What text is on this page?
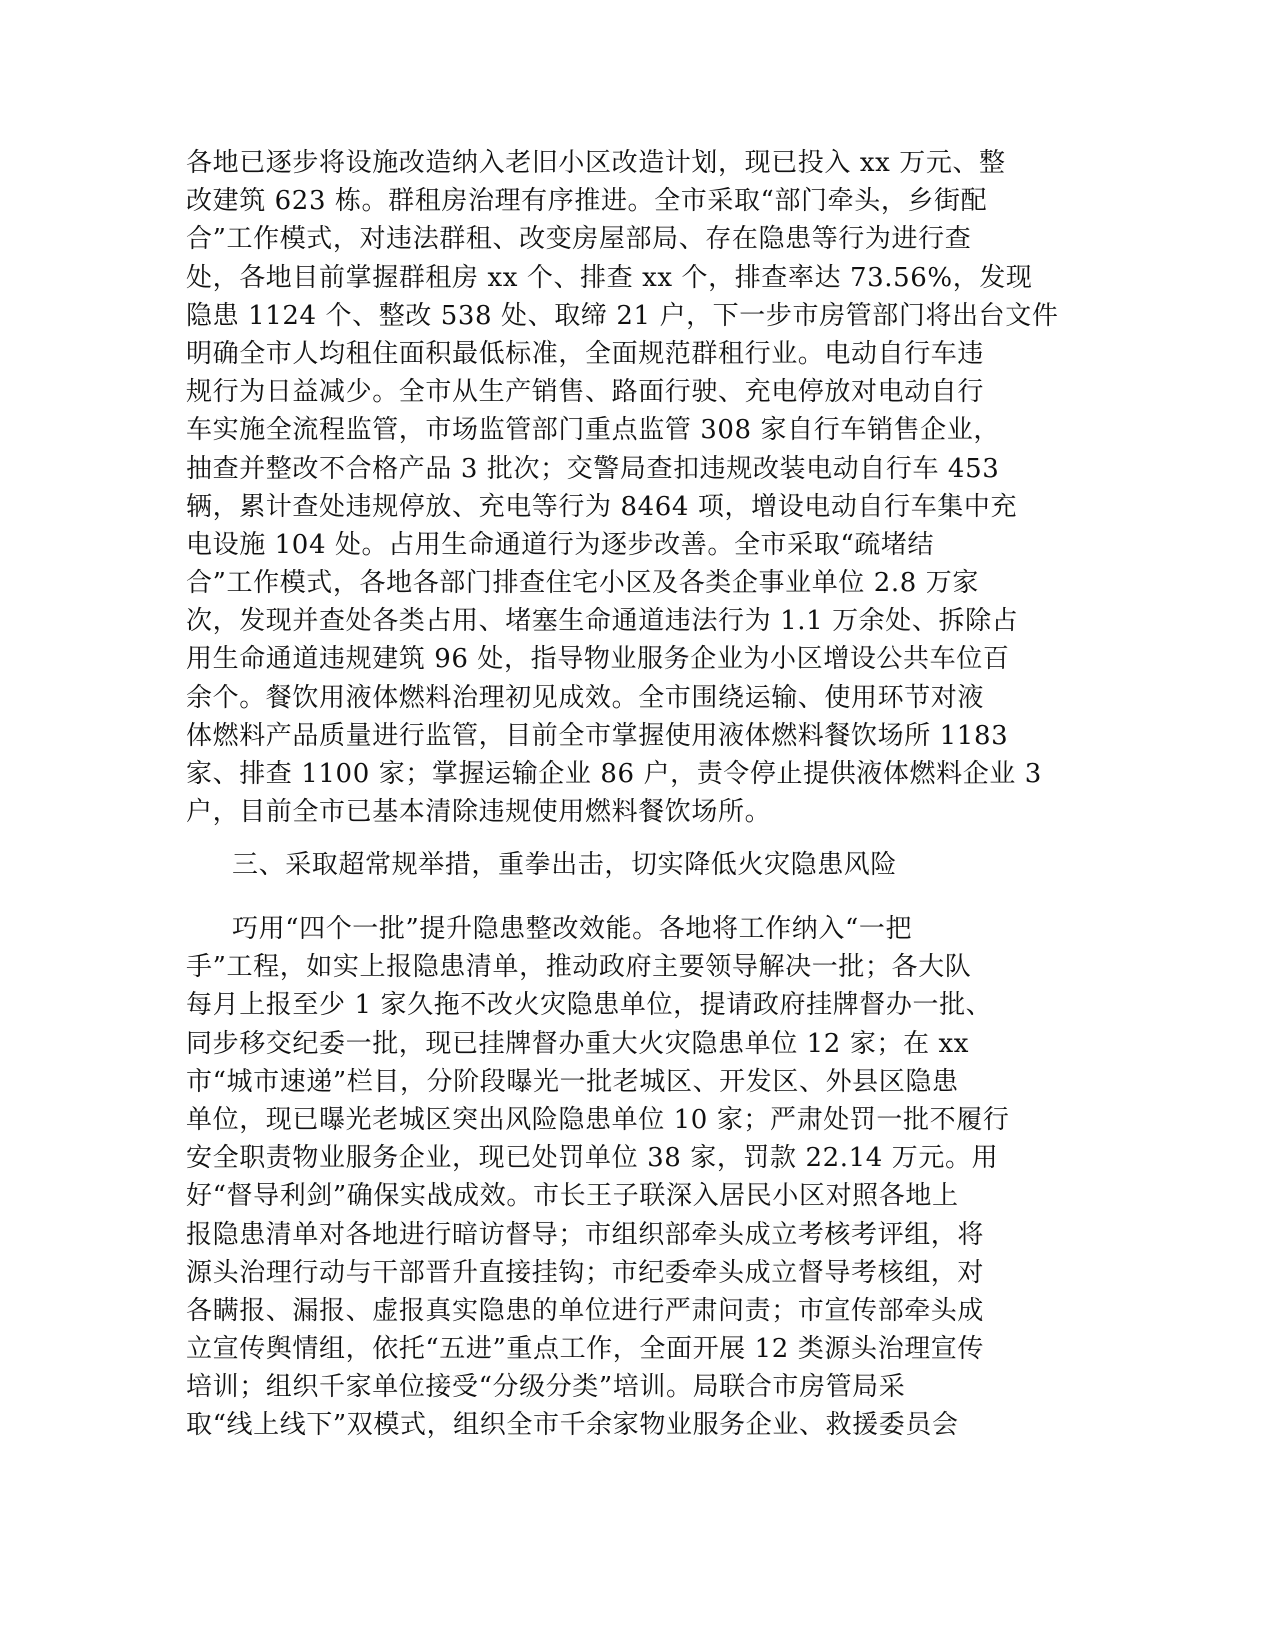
各地已逐步将设施改造纳入老旧小区改造计划，现已投入 xx 万元、整
改建筑 623 栋。群租房治理有序推进。全市采取“部门牵头，乡街配
合”工作模式，对违法群租、改变房屋部局、存在隐患等行为进行查
处，各地目前掌握群租房 xx 个、排查 xx 个，排查率达 73.56%，发现
隐患 1124 个、整改 538 处、取缔 21 户，下一步市房管部门将出台文件
明确全市人均租住面积最低标准，全面规范群租行业。电动自行车违
规行为日益减少。全市从生产销售、路面行驶、充电停放对电动自行
车实施全流程监管，市场监管部门重点监管 308 家自行车销售企业，
抽查并整改不合格产品 3 批次；交警局查扣违规改装电动自行车 453
辆，累计查处违规停放、充电等行为 8464 项，增设电动自行车集中充
电设施 104 处。占用生命通道行为逐步改善。全市采取“疏堵结
合”工作模式，各地各部门排查住宅小区及各类企事业单位 2.8 万家
次，发现并查处各类占用、堵塞生命通道违法行为 1.1 万余处、拆除占
用生命通道违规建筑 96 处，指导物业服务企业为小区增设公共车位百
余个。餐饮用液体燃料治理初见成效。全市围绕运输、使用环节对液
体燃料产品质量进行监管，目前全市掌握使用液体燃料餐饮场所 1183
家、排查 1100 家；掌握运输企业 86 户，责令停止提供液体燃料企业 3
户，目前全市已基本清除违规使用燃料餐饮场所。
三、采取超常规举措，重拳出击，切实降低火灾隐患风险
巧用“四个一批”提升隐患整改效能。各地将工作纳入“一把
手”工程，如实上报隐患清单，推动政府主要领导解决一批；各大队
每月上报至少 1 家久拖不改火灾隐患单位，提请政府挂牌督办一批、
同步移交纪委一批，现已挂牌督办重大火灾隐患单位 12 家；在 xx
市“城市速递”栏目，分阶段曝光一批老城区、开发区、外县区隐患
单位，现已曝光老城区突出风险隐患单位 10 家；严肃处罚一批不履行
安全职责物业服务企业，现已处罚单位 38 家，罚款 22.14 万元。用
好“督导利剑”确保实战成效。市长王子联深入居民小区对照各地上
报隐患清单对各地进行暗访督导；市组织部牵头成立考核考评组，将
源头治理行动与干部晋升直接挂钩；市纪委牵头成立督导考核组，对
各瞒报、漏报、虚报真实隐患的单位进行严肃问责；市宣传部牵头成
立宣传舆情组，依托“五进”重点工作，全面开展 12 类源头治理宣传
培训；组织千家单位接受“分级分类”培训。局联合市房管局采
取“线上线下”双模式，组织全市千余家物业服务企业、救援委员会
